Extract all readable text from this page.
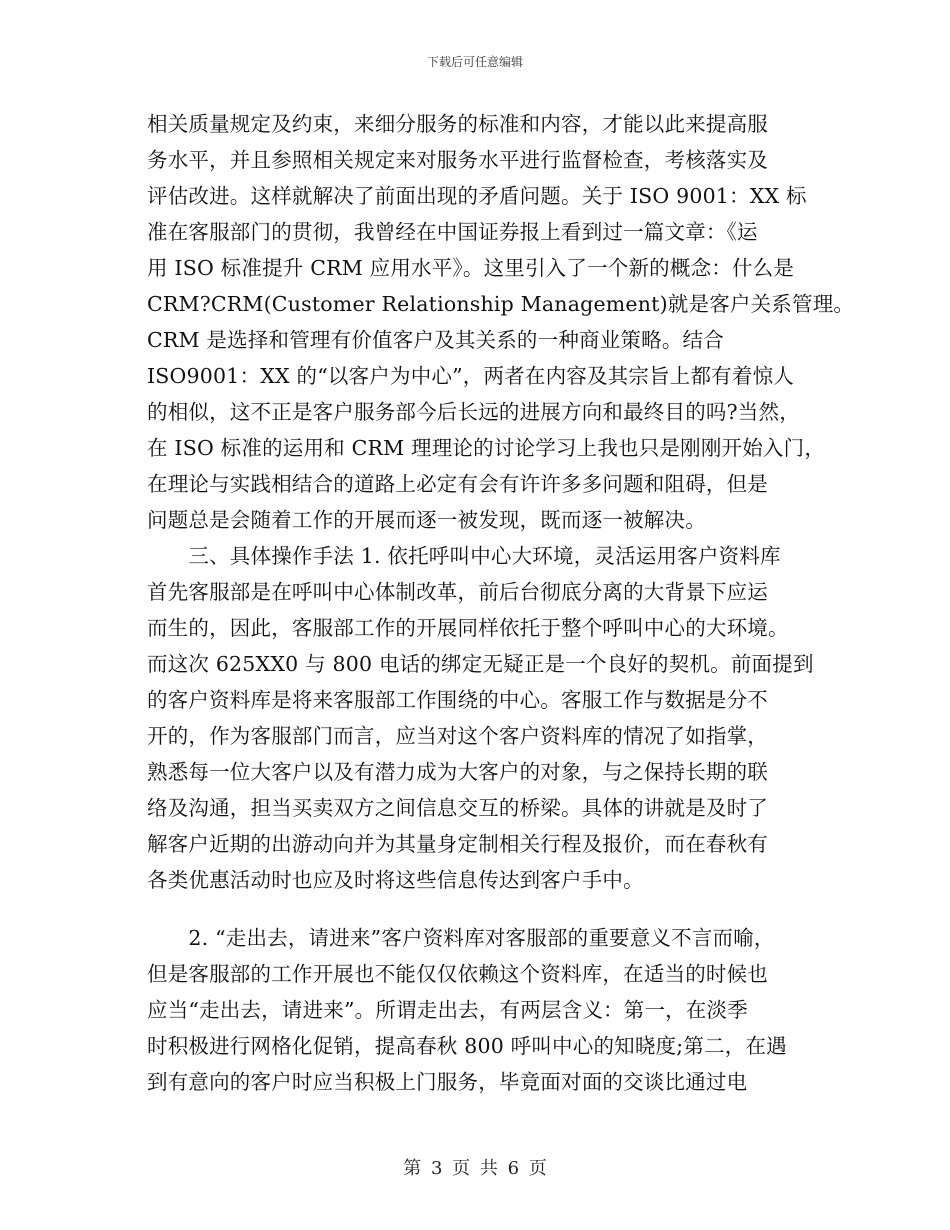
下载后可任意编辑
相关质量规定及约束，来细分服务的标准和内容，才能以此来提高服
务水平，并且参照相关规定来对服务水平进行监督检查，考核落实及
评估改进。这样就解决了前面出现的矛盾问题。关于 ISO 9001：XX 标
准在客服部门的贯彻，我曾经在中国证券报上看到过一篇文章：《运
用 ISO 标准提升 CRM 应用水平》。这里引入了一个新的概念：什么是
CRM?CRM(Customer Relationship Management)就是客户关系管理。
CRM 是选择和管理有价值客户及其关系的一种商业策略。结合
ISO9001：XX 的“以客户为中心”，两者在内容及其宗旨上都有着惊人
的相似，这不正是客户服务部今后长远的进展方向和最终目的吗?当然，
在 ISO 标准的运用和 CRM 理理论的讨论学习上我也只是刚刚开始入门，
在理论与实践相结合的道路上必定有会有许许多多问题和阻碍，但是
问题总是会随着工作的开展而逐一被发现，既而逐一被解决。
　　三、具体操作手法 1. 依托呼叫中心大环境，灵活运用客户资料库
首先客服部是在呼叫中心体制改革，前后台彻底分离的大背景下应运
而生的，因此，客服部工作的开展同样依托于整个呼叫中心的大环境。
而这次 625XX0 与 800 电话的绑定无疑正是一个良好的契机。前面提到
的客户资料库是将来客服部工作围绕的中心。客服工作与数据是分不
开的，作为客服部门而言，应当对这个客户资料库的情况了如指掌，
熟悉每一位大客户以及有潜力成为大客户的对象，与之保持长期的联
络及沟通，担当买卖双方之间信息交互的桥梁。具体的讲就是及时了
解客户近期的出游动向并为其量身定制相关行程及报价，而在春秋有
各类优惠活动时也应及时将这些信息传达到客户手中。
　　2. “走出去，请进来”客户资料库对客服部的重要意义不言而喻，
但是客服部的工作开展也不能仅仅依赖这个资料库，在适当的时候也
应当“走出去，请进来”。所谓走出去，有两层含义：第一，在淡季
时积极进行网格化促销，提高春秋 800 呼叫中心的知晓度;第二，在遇
到有意向的客户时应当积极上门服务，毕竟面对面的交谈比通过电
第 3 页 共 6 页
